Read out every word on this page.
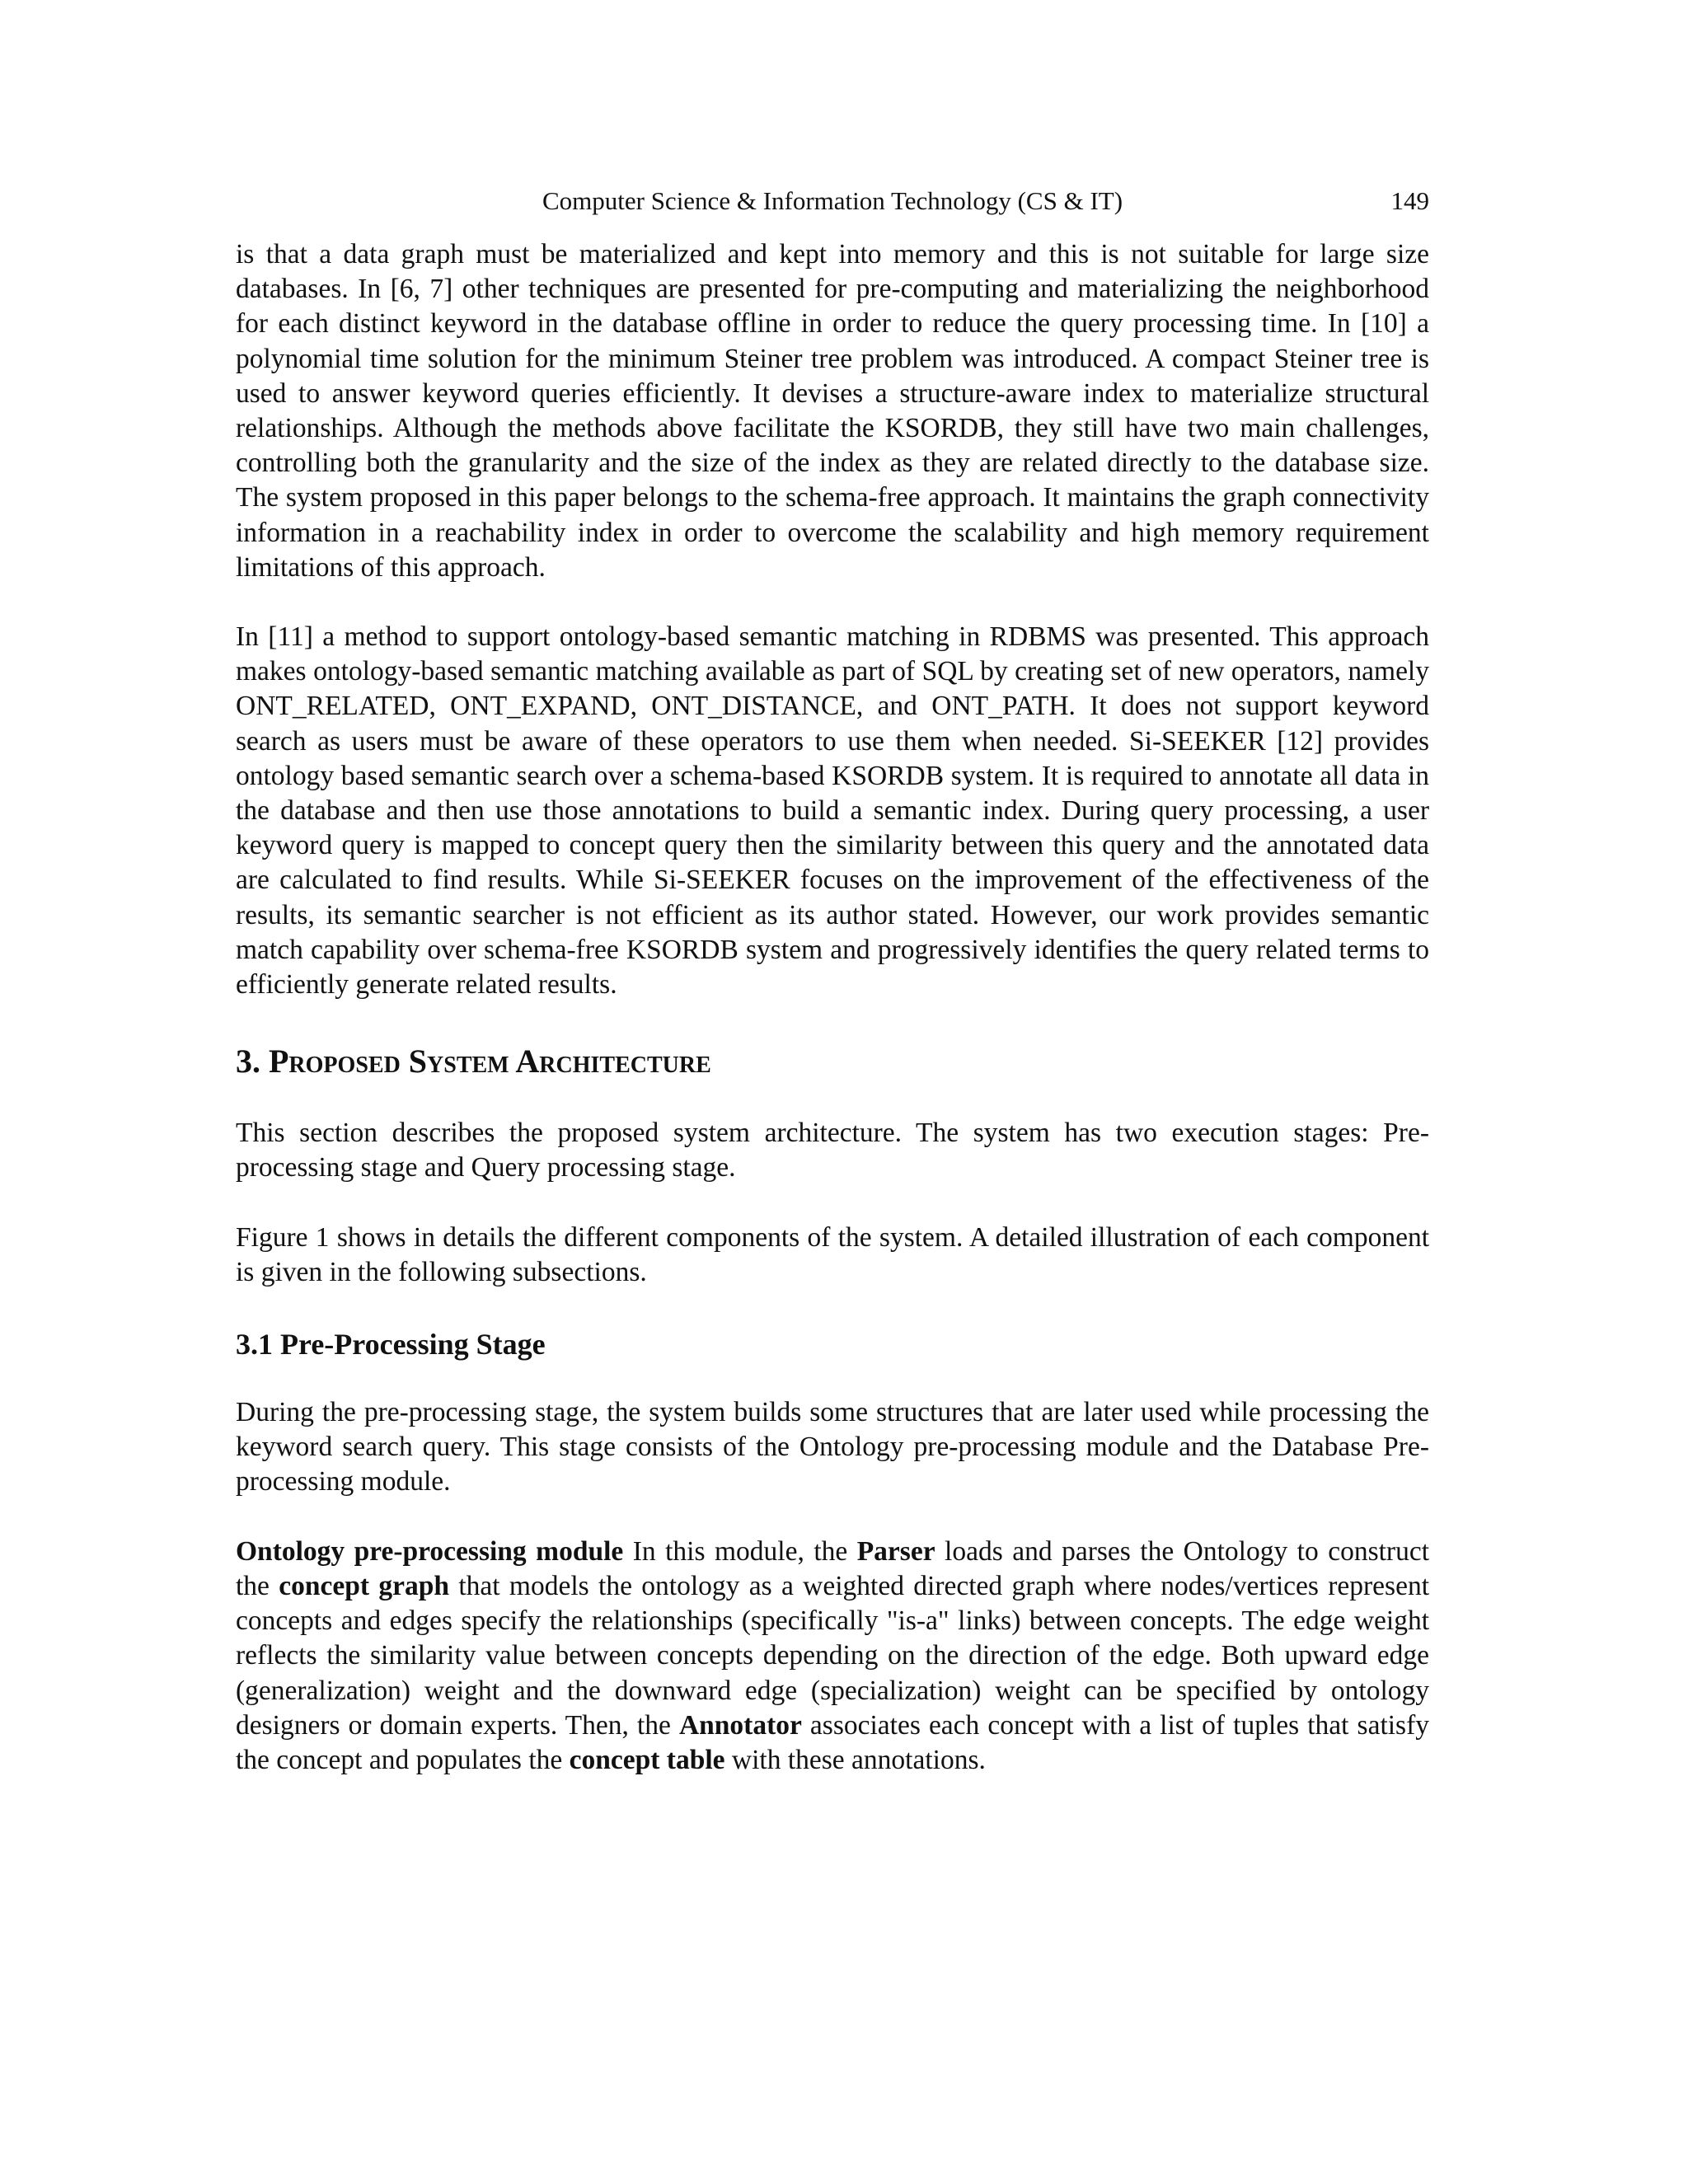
Computer Science & Information Technology (CS & IT)	149

is that a data graph must be materialized and kept into memory and this is not suitable for large size databases. In [6, 7] other techniques are presented for pre-computing and materializing the neighborhood for each distinct keyword in the database offline in order to reduce the query processing time. In [10] a polynomial time solution for the minimum Steiner tree problem was introduced. A compact Steiner tree is used to answer keyword queries efficiently. It devises a structure-aware index to materialize structural relationships. Although the methods above facilitate the KSORDB, they still have two main challenges, controlling both the granularity and the size of the index as they are related directly to the database size. The system proposed in this paper belongs to the schema-free approach. It maintains the graph connectivity information in a reachability index in order to overcome the scalability and high memory requirement limitations of this approach.

In [11] a method to support ontology-based semantic matching in RDBMS was presented. This approach makes ontology-based semantic matching available as part of SQL by creating set of new operators, namely ONT_RELATED, ONT_EXPAND, ONT_DISTANCE, and ONT_PATH. It does not support keyword search as users must be aware of these operators to use them when needed. Si-SEEKER [12] provides ontology based semantic search over a schema-based KSORDB system. It is required to annotate all data in the database and then use those annotations to build a semantic index. During query processing, a user keyword query is mapped to concept query then the similarity between this query and the annotated data are calculated to find results. While Si-SEEKER focuses on the improvement of the effectiveness of the results, its semantic searcher is not efficient as its author stated. However, our work provides semantic match capability over schema-free KSORDB system and progressively identifies the query related terms to efficiently generate related results.

3. Proposed System Architecture

This section describes the proposed system architecture. The system has two execution stages: Pre-processing stage and Query processing stage.

Figure 1 shows in details the different components of the system. A detailed illustration of each component is given in the following subsections.

3.1 Pre-Processing Stage

During the pre-processing stage, the system builds some structures that are later used while processing the keyword search query. This stage consists of the Ontology pre-processing module and the Database Pre-processing module.

Ontology pre-processing module In this module, the Parser loads and parses the Ontology to construct the concept graph that models the ontology as a weighted directed graph where nodes/vertices represent concepts and edges specify the relationships (specifically "is-a" links) between concepts. The edge weight reflects the similarity value between concepts depending on the direction of the edge. Both upward edge (generalization) weight and the downward edge (specialization) weight can be specified by ontology designers or domain experts. Then, the Annotator associates each concept with a list of tuples that satisfy the concept and populates the concept table with these annotations.
